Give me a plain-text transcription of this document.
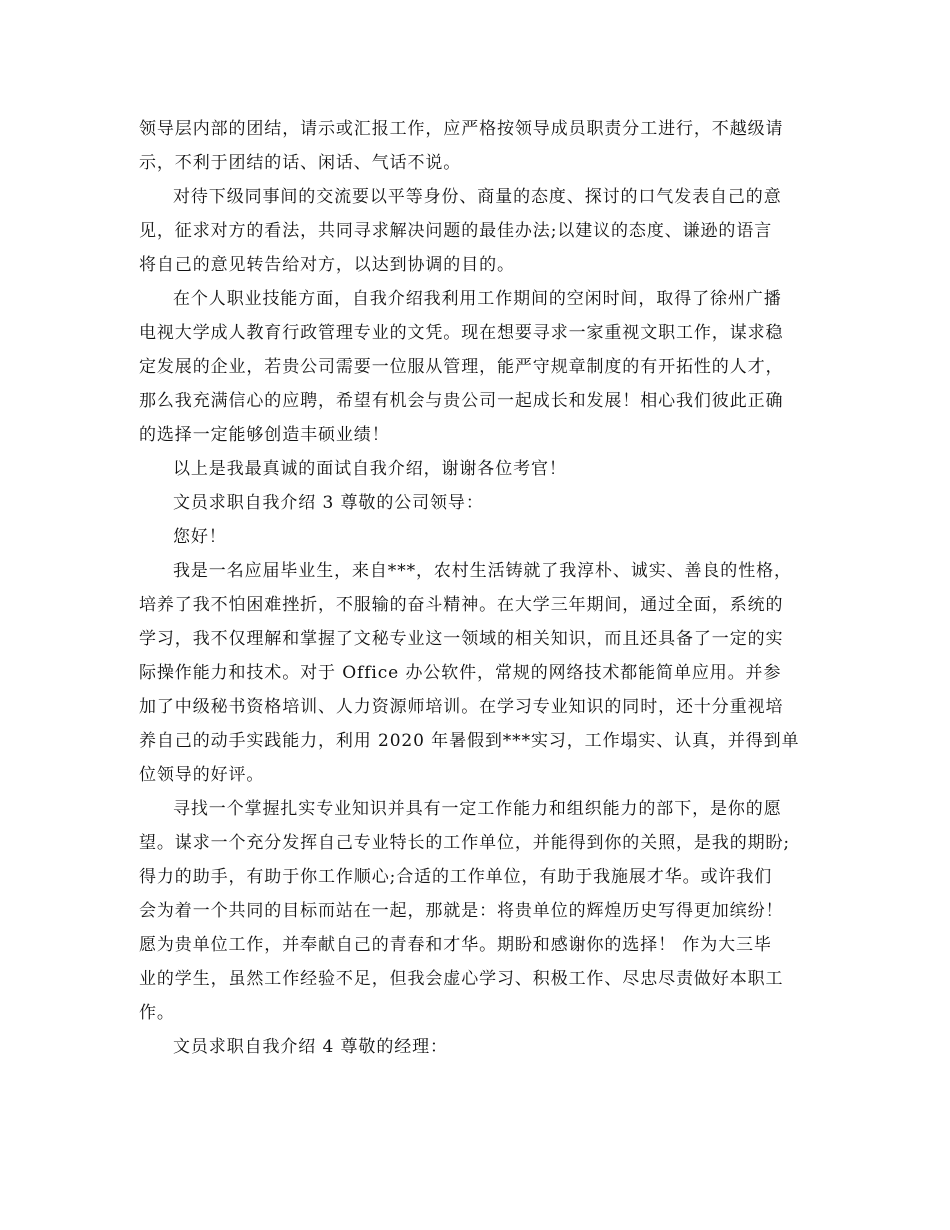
领导层内部的团结，请示或汇报工作，应严格按领导成员职责分工进行，不越级请
示，不利于团结的话、闲话、气话不说。

对待下级同事间的交流要以平等身份、商量的态度、探讨的口气发表自己的意
见，征求对方的看法，共同寻求解决问题的最佳办法;以建议的态度、谦逊的语言
将自己的意见转告给对方，以达到协调的目的。

在个人职业技能方面，自我介绍我利用工作期间的空闲时间，取得了徐州广播
电视大学成人教育行政管理专业的文凭。现在想要寻求一家重视文职工作，谋求稳
定发展的企业，若贵公司需要一位服从管理，能严守规章制度的有开拓性的人才，
那么我充满信心的应聘，希望有机会与贵公司一起成长和发展！相心我们彼此正确
的选择一定能够创造丰硕业绩！

以上是我最真诚的面试自我介绍，谢谢各位考官！

文员求职自我介绍 3 尊敬的公司领导：

您好！

我是一名应届毕业生，来自***，农村生活铸就了我淳朴、诚实、善良的性格，
培养了我不怕困难挫折，不服输的奋斗精神。在大学三年期间，通过全面，系统的
学习，我不仅理解和掌握了文秘专业这一领域的相关知识，而且还具备了一定的实
际操作能力和技术。对于 Office 办公软件，常规的网络技术都能简单应用。并参
加了中级秘书资格培训、人力资源师培训。在学习专业知识的同时，还十分重视培
养自己的动手实践能力，利用 2020 年暑假到***实习，工作塌实、认真，并得到单
位领导的好评。

寻找一个掌握扎实专业知识并具有一定工作能力和组织能力的部下，是你的愿
望。谋求一个充分发挥自己专业特长的工作单位，并能得到你的关照，是我的期盼;
得力的助手，有助于你工作顺心;合适的工作单位，有助于我施展才华。或许我们
会为着一个共同的目标而站在一起，那就是：将贵单位的辉煌历史写得更加缤纷！
愿为贵单位工作，并奉献自己的青春和才华。期盼和感谢你的选择！ 作为大三毕
业的学生，虽然工作经验不足，但我会虚心学习、积极工作、尽忠尽责做好本职工
作。

文员求职自我介绍 4 尊敬的经理：
